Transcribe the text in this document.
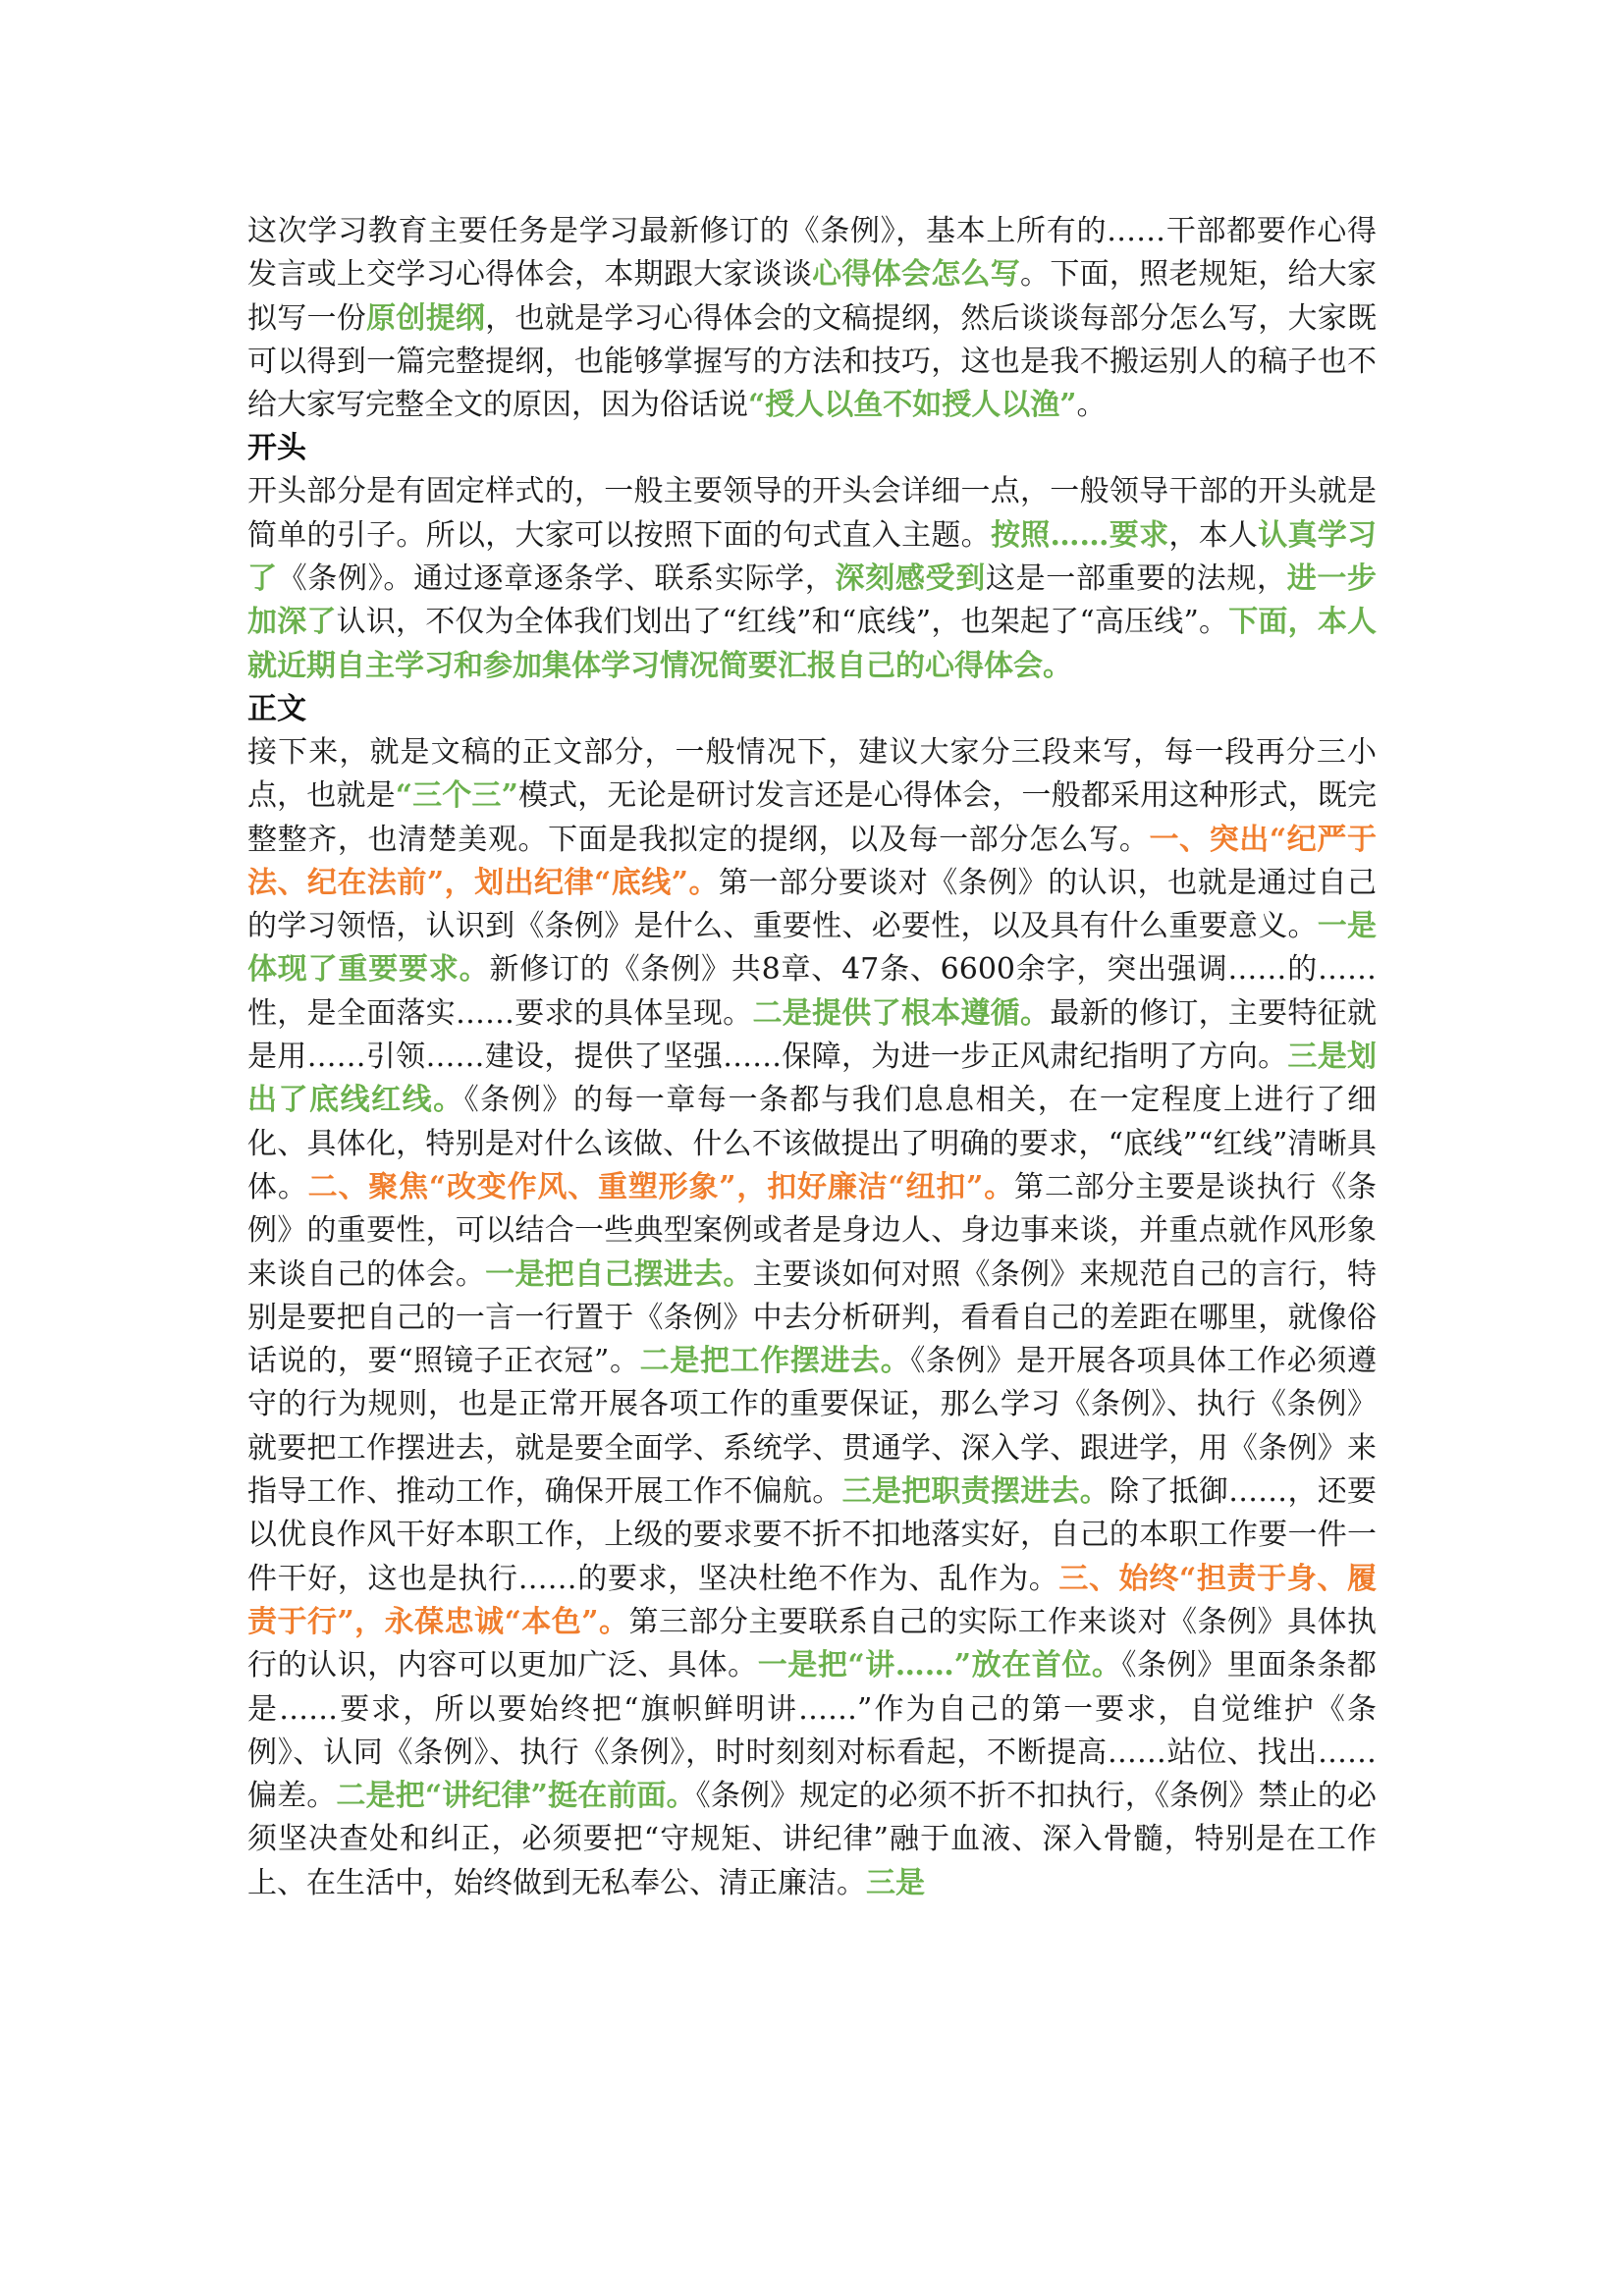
这次学习教育主要任务是学习最新修订的《条例》，基本上所有的……干部都要作心得发言或上交学习心得体会，本期跟大家谈谈心得体会怎么写。下面，照老规矩，给大家拟写一份原创提纲，也就是学习心得体会的文稿提纲，然后谈谈每部分怎么写，大家既可以得到一篇完整提纲，也能够掌握写的方法和技巧，这也是我不搬运别人的稿子也不给大家写完整全文的原因，因为俗话说“授人以鱼不如授人以渔”。

开头

开头部分是有固定样式的，一般主要领导的开头会详细一点，一般领导干部的开头就是简单的引子。所以，大家可以按照下面的句式直入主题。按照……要求，本人认真学习了《条例》。通过逐章逐条学、联系实际学，深刻感受到这是一部重要的法规，进一步加深了认识，不仅为全体我们划出了“红线”和“底线”，也架起了“高压线”。下面，本人就近期自主学习和参加集体学习情况简要汇报自己的心得体会。

正文

接下来，就是文稿的正文部分，一般情况下，建议大家分三段来写，每一段再分三小点，也就是“三个三”模式，无论是研讨发言还是心得体会，一般都采用这种形式，既完整整齐，也清楚美观。下面是我拟定的提纲，以及每一部分怎么写。一、突出“纪严于法、纪在法前”，划出纪律“底线”。第一部分要谈对《条例》的认识，也就是通过自己的学习领悟，认识到《条例》是什么、重要性、必要性，以及具有什么重要意义。一是体现了重要要求。新修订的《条例》共8章、47条、6600余字，突出强调……的……性，是全面落实……要求的具体呈现。二是提供了根本遵循。最新的修订，主要特征就是用……引领……建设，提供了坚强……保障，为进一步正风肃纪指明了方向。三是划出了底线红线。《条例》的每一章每一条都与我们息息相关，在一定程度上进行了细化、具体化，特别是对什么该做、什么不该做提出了明确的要求，“底线”“红线”清晰具体。二、聚焦“改变作风、重塑形象”，扣好廉洁“纽扣”。第二部分主要是谈执行《条例》的重要性，可以结合一些典型案例或者是身边人、身边事来谈，并重点就作风形象来谈自己的体会。一是把自己摆进去。主要谈如何对照《条例》来规范自己的言行，特别是要把自己的一言一行置于《条例》中去分析研判，看看自己的差距在哪里，就像俗话说的，要“照镜子正衣冠”。二是把工作摆进去。《条例》是开展各项具体工作必须遵守的行为规则，也是正常开展各项工作的重要保证，那么学习《条例》、执行《条例》就要把工作摆进去，就是要全面学、系统学、贯通学、深入学、跟进学，用《条例》来指导工作、推动工作，确保开展工作不偏航。三是把职责摆进去。除了抵御……，还要以优良作风干好本职工作，上级的要求要不折不扣地落实好，自己的本职工作要一件一件干好，这也是执行……的要求，坚决杜绝不作为、乱作为。三、始终“担责于身、履责于行”，永葆忠诚“本色”。第三部分主要联系自己的实际工作来谈对《条例》具体执行的认识，内容可以更加广泛、具体。一是把“讲……”放在首位。《条例》里面条条都是……要求，所以要始终把“旗帜鲜明讲……”作为自己的第一要求，自觉维护《条例》、认同《条例》、执行《条例》，时时刻刻对标看起，不断提高……站位、找出……偏差。二是把“讲纪律”挺在前面。《条例》规定的必须不折不扣执行，《条例》禁止的必须坚决查处和纠正，必须要把“守规矩、讲纪律”融于血液、深入骨髓，特别是在工作上、在生活中，始终做到无私奉公、清正廉洁。三是
